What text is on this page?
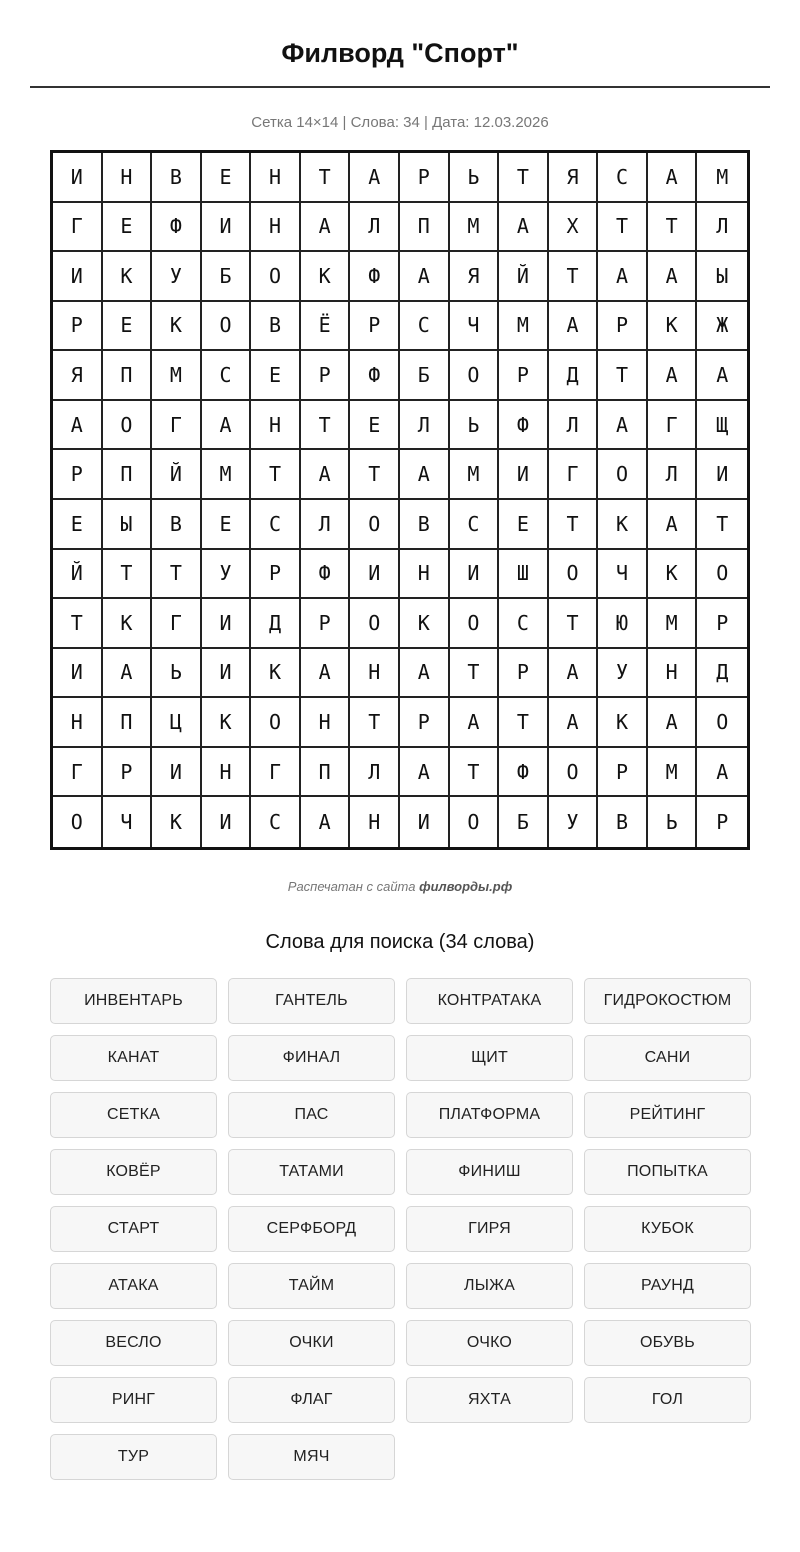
Филворд "Спорт"
Сетка 14×14 | Слова: 34 | Дата: 12.03.2026
И	Н	В	Е	Н	Т	А	Р	Ь	Т	Я	С	А	М
Г	Е	Ф	И	Н	А	Л	П	М	А	Х	Т	Т	Л
И	К	У	Б	О	К	Ф	А	Я	Й	Т	А	А	Ы
Р	Е	К	О	В	Ё	Р	С	Ч	М	А	Р	К	Ж
Я	П	М	С	Е	Р	Ф	Б	О	Р	Д	Т	А	А
А	О	Г	А	Н	Т	Е	Л	Ь	Ф	Л	А	Г	Щ
Р	П	Й	М	Т	А	Т	А	М	И	Г	О	Л	И
Е	Ы	В	Е	С	Л	О	В	С	Е	Т	К	А	Т
Й	Т	Т	У	Р	Ф	И	Н	И	Ш	О	Ч	К	О
Т	К	Г	И	Д	Р	О	К	О	С	Т	Ю	М	Р
И	А	Ь	И	К	А	Н	А	Т	Р	А	У	Н	Д
Н	П	Ц	К	О	Н	Т	Р	А	Т	А	К	А	О
Г	Р	И	Н	Г	П	Л	А	Т	Ф	О	Р	М	А
О	Ч	К	И	С	А	Н	И	О	Б	У	В	Ь	Р
Распечатан с сайта филворды.рф
Слова для поиска (34 слова)
ИНВЕНТАРЬ	ГАНТЕЛЬ	КОНТРАТАКА	ГИДРОКОСТЮМ
КАНАТ	ФИНАЛ	ЩИТ	САНИ
СЕТКА	ПАС	ПЛАТФОРМА	РЕЙТИНГ
КОВЁР	ТАТАМИ	ФИНИШ	ПОПЫТКА
СТАРТ	СЕРФБОРД	ГИРЯ	КУБОК
АТАКА	ТАЙМ	ЛЫЖА	РАУНД
ВЕСЛО	ОЧКИ	ОЧКО	ОБУВЬ
РИНГ	ФЛАГ	ЯХТА	ГОЛ
ТУР	МЯЧ
